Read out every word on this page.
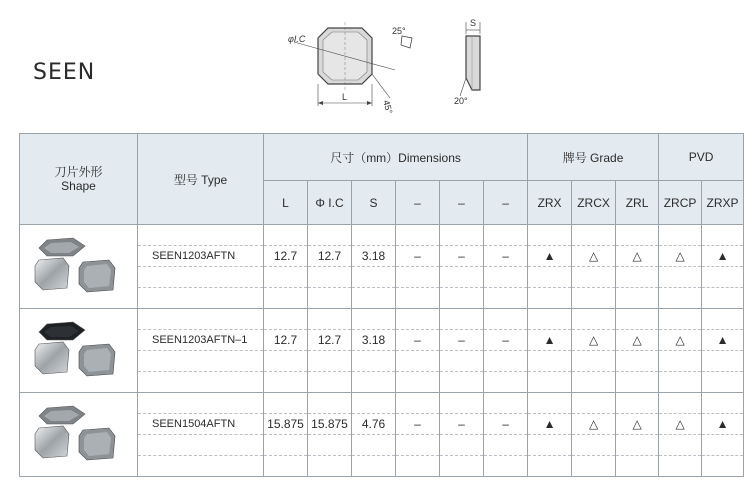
SEEN
φI.C
L
25°
45°
S
20°
刀片外形
Shape	型号 Type	尺寸（mm）Dimensions						牌号 Grade			PVD	
		L	Φ I.C	S	–	–	–	ZRX	ZRCX	ZRL	ZRCP	ZRXP

	SEEN1203AFTN	12.7	12.7	3.18	–	–	–	▲	△	△	△	▲

	SEEN1203AFTN–1	12.7	12.7	3.18	–	–	–	▲	△	△	△	▲

	SEEN1504AFTN	15.875	15.875	4.76	–	–	–	▲	△	△	△	▲
